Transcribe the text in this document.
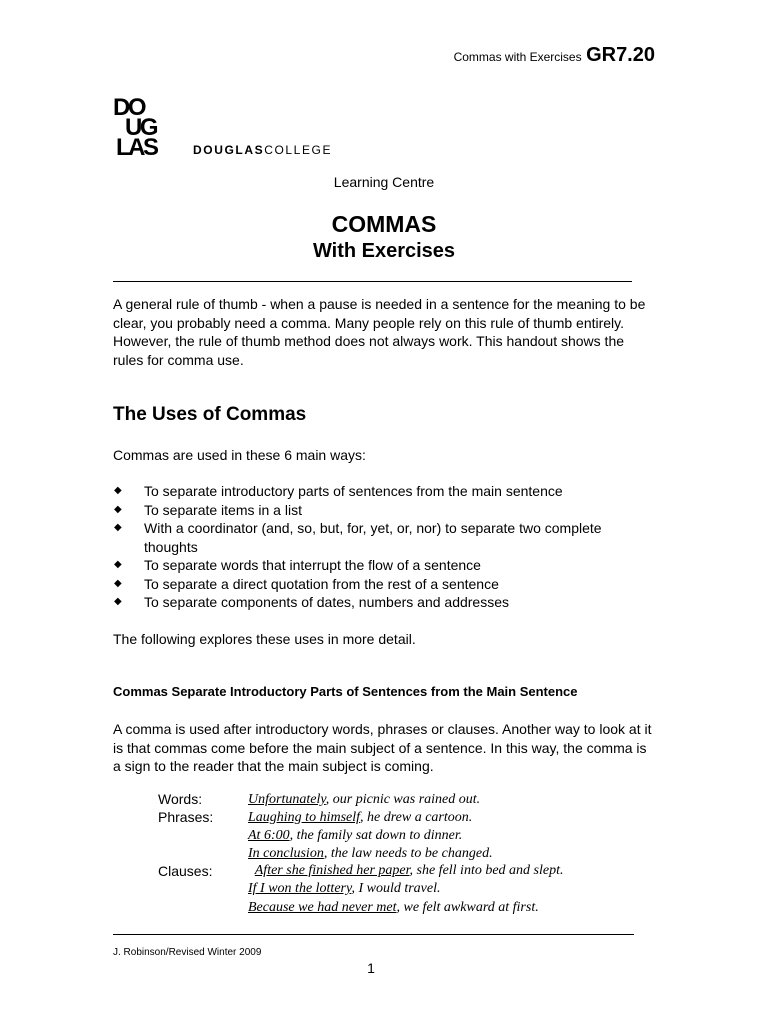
Commas with Exercises GR7.20
DO
UG
LAS	DOUGLASCOLLEGE
Learning Centre
COMMAS
With Exercises
A general rule of thumb - when a pause is needed in a sentence for the meaning to be clear, you probably need a comma. Many people rely on this rule of thumb entirely. However, the rule of thumb method does not always work. This handout shows the rules for comma use.
The Uses of Commas
Commas are used in these 6 main ways:
◆ To separate introductory parts of sentences from the main sentence
◆ To separate items in a list
◆ With a coordinator (and, so, but, for, yet, or, nor) to separate two complete thoughts
◆ To separate words that interrupt the flow of a sentence
◆ To separate a direct quotation from the rest of a sentence
◆ To separate components of dates, numbers and addresses
The following explores these uses in more detail.
Commas Separate Introductory Parts of Sentences from the Main Sentence
A comma is used after introductory words, phrases or clauses. Another way to look at it is that commas come before the main subject of a sentence. In this way, the comma is a sign to the reader that the main subject is coming.
Words:
Phrases:
Clauses:
Unfortunately, our picnic was rained out.
Laughing to himself, he drew a cartoon.
At 6:00, the family sat down to dinner.
In conclusion, the law needs to be changed.
After she finished her paper, she fell into bed and slept.
If I won the lottery, I would travel.
Because we had never met, we felt awkward at first.
J. Robinson/Revised Winter 2009
1
